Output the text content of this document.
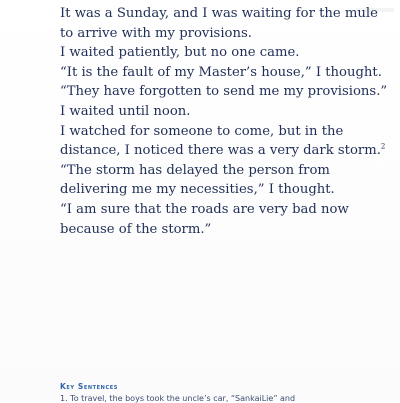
It was a Sunday, and I was waiting for the mule
to arrive with my provisions.
I waited patiently, but no one came.
“It is the fault of my Master’s house,” I thought.
“They have forgotten to send me my provisions.”
I waited until noon.
I watched for someone to come, but in the
distance, I noticed there was a very dark storm.$^2$
“The storm has delayed the person from
delivering me my necessities,” I thought.
“I am sure that the roads are very bad now
because of the storm.”
Key Sentences
1. To travel, the boys took the uncle’s car, “SankaiLie” and
